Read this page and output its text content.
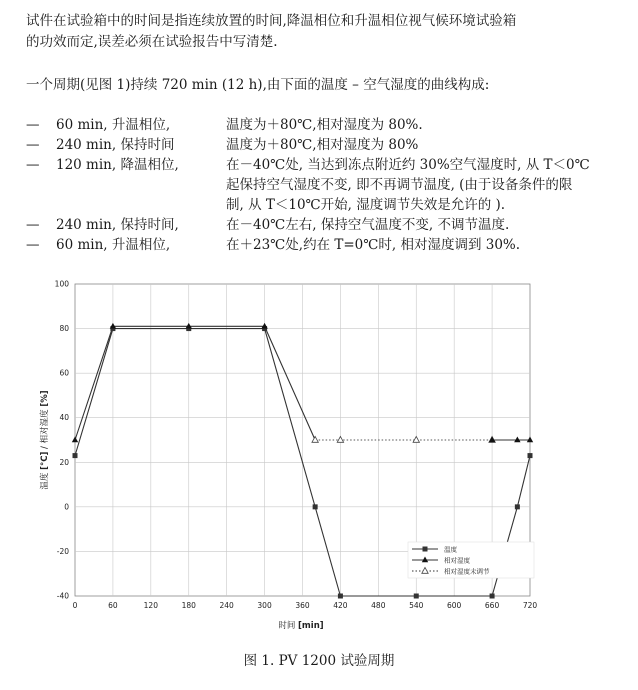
试件在试验箱中的时间是指连续放置的时间,降温相位和升温相位视气候环境试验箱
的功效而定,误差必须在试验报告中写清楚.
一个周期(见图 1)持续 720 min (12 h),由下面的温度 – 空气湿度的曲线构成:
—	60 min, 升温相位,	温度为＋80℃,相对湿度为 80%.
—	240 min, 保持时间	温度为＋80℃,相对湿度为 80%
—	120 min, 降温相位,	在－40℃处, 当达到冻点附近约 30%空气湿度时, 从 T＜0℃
起保持空气湿度不变, 即不再调节温度, (由于设备条件的限
制, 从 T＜10℃开始, 湿度调节失效是允许的 ).
—	240 min, 保持时间,	在－40℃左右, 保持空气温度不变, 不调节温度.
—	60 min, 升温相位,	在＋23℃处,约在 T=0℃时, 相对湿度调到 30%.
0	60	120	180	240	300	360	420	480	540	600	660	720
-40
-20
0
20
40
60
80
100
温度
相对湿度
相对湿度未调节
时间 [min]
温度 [°C] / 相对湿度 [%]
图 1. PV 1200 试验周期
